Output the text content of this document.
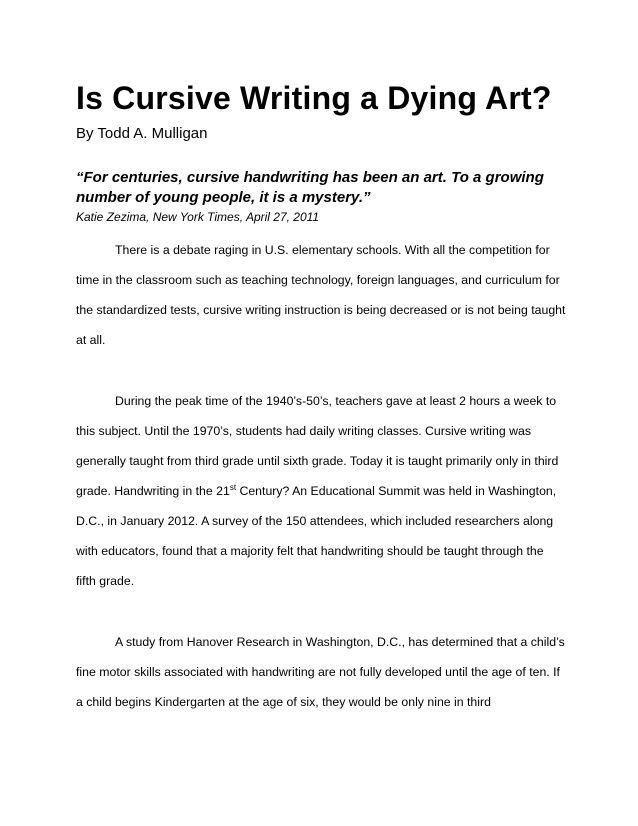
Is Cursive Writing a Dying Art?
By Todd A. Mulligan
“For centuries, cursive handwriting has been an art. To a growing number of young people, it is a mystery.”
Katie Zezima, New York Times, April 27, 2011

There is a debate raging in U.S. elementary schools. With all the competition for time in the classroom such as teaching technology, foreign languages, and curriculum for the standardized tests, cursive writing instruction is being decreased or is not being taught at all.

During the peak time of the 1940’s-50’s, teachers gave at least 2 hours a week to this subject. Until the 1970’s, students had daily writing classes. Cursive writing was generally taught from third grade until sixth grade. Today it is taught primarily only in third grade. Handwriting in the 21st Century? An Educational Summit was held in Washington, D.C., in January 2012. A survey of the 150 attendees, which included researchers along with educators, found that a majority felt that handwriting should be taught through the fifth grade.

A study from Hanover Research in Washington, D.C., has determined that a child’s fine motor skills associated with handwriting are not fully developed until the age of ten. If a child begins Kindergarten at the age of six, they would be only nine in third
